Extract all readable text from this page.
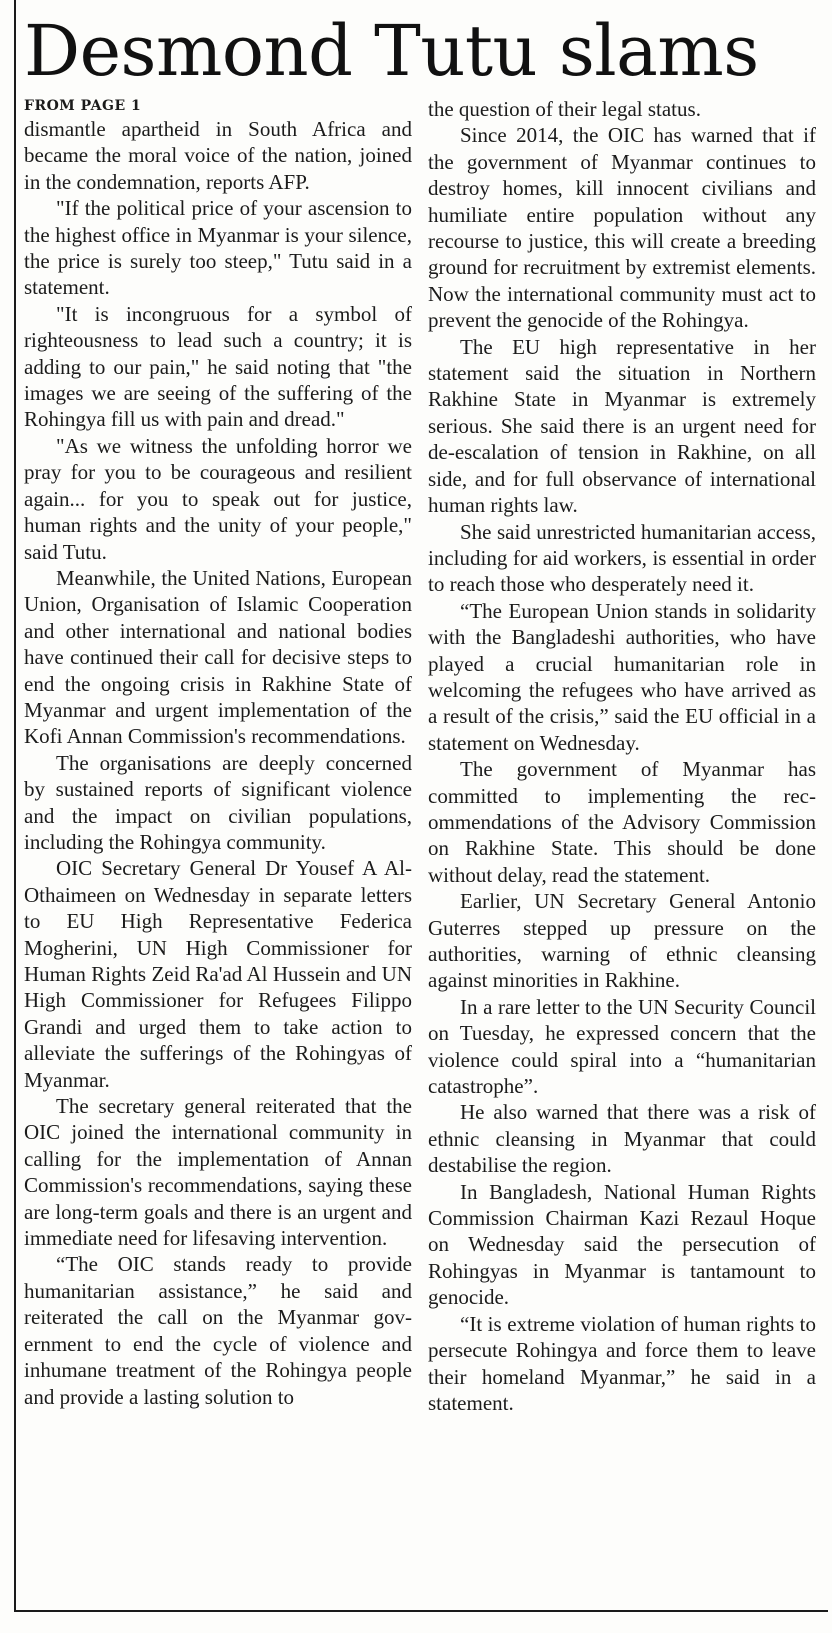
Desmond Tutu slams
FROM PAGE 1

dismantle apartheid in South Africa and became the moral voice of the nation, joined in the condemnation, reports AFP.

"If the political price of your ascension to the highest office in Myanmar is your silence, the price is surely too steep," Tutu said in a statement.

"It is incongruous for a symbol of righteousness to lead such a country; it is adding to our pain," he said noting that "the images we are seeing of the suffering of the Rohingya fill us with pain and dread."

"As we witness the unfolding horror we pray for you to be courageous and resilient again... for you to speak out for justice, human rights and the unity of your people," said Tutu.

Meanwhile, the United Nations, European Union, Organisation of Islamic Cooperation and other international and national bodies have continued their call for decisive steps to end the ongoing crisis in Rakhine State of Myanmar and urgent implementation of the Kofi Annan Commission's recommendations.

The organisations are deeply concerned by sustained reports of significant violence and the impact on civilian populations, including the Rohingya community.

OIC Secretary General Dr Yousef A Al-Othaimeen on Wednesday in separate letters to EU High Representative Federica Mogherini, UN High Commissioner for Human Rights Zeid Ra'ad Al Hussein and UN High Commissioner for Refugees Filippo Grandi and urged them to take action to alleviate the sufferings of the Rohingyas of Myanmar.

The secretary general reiterated that the OIC joined the international community in calling for the implementation of Annan Commission's recommendations, saying these are long-term goals and there is an urgent and immediate need for lifesaving intervention.

“The OIC stands ready to provide humanitarian assistance,” he said and reiterated the call on the Myanmar government to end the cycle of violence and inhumane treatment of the Rohingya people and provide a lasting solution to

the question of their legal status.

Since 2014, the OIC has warned that if the government of Myanmar continues to destroy homes, kill innocent civilians and humiliate entire population without any recourse to justice, this will create a breeding ground for recruitment by extremist elements. Now the international community must act to prevent the genocide of the Rohingya.

The EU high representative in her statement said the situation in Northern Rakhine State in Myanmar is extremely serious. She said there is an urgent need for de-escalation of tension in Rakhine, on all side, and for full observance of international human rights law.

She said unrestricted humanitarian access, including for aid workers, is essential in order to reach those who desperately need it.

“The European Union stands in solidarity with the Bangladeshi authorities, who have played a crucial humanitarian role in welcoming the refugees who have arrived as a result of the crisis,” said the EU official in a statement on Wednesday.

The government of Myanmar has committed to implementing the recommendations of the Advisory Commission on Rakhine State. This should be done without delay, read the statement.

Earlier, UN Secretary General Antonio Guterres stepped up pressure on the authorities, warning of ethnic cleansing against minorities in Rakhine.

In a rare letter to the UN Security Council on Tuesday, he expressed concern that the violence could spiral into a “humanitarian catastrophe”.

He also warned that there was a risk of ethnic cleansing in Myanmar that could destabilise the region.

In Bangladesh, National Human Rights Commission Chairman Kazi Rezaul Hoque on Wednesday said the persecution of Rohingyas in Myanmar is tantamount to genocide.

“It is extreme violation of human rights to persecute Rohingya and force them to leave their homeland Myanmar,” he said in a statement.
